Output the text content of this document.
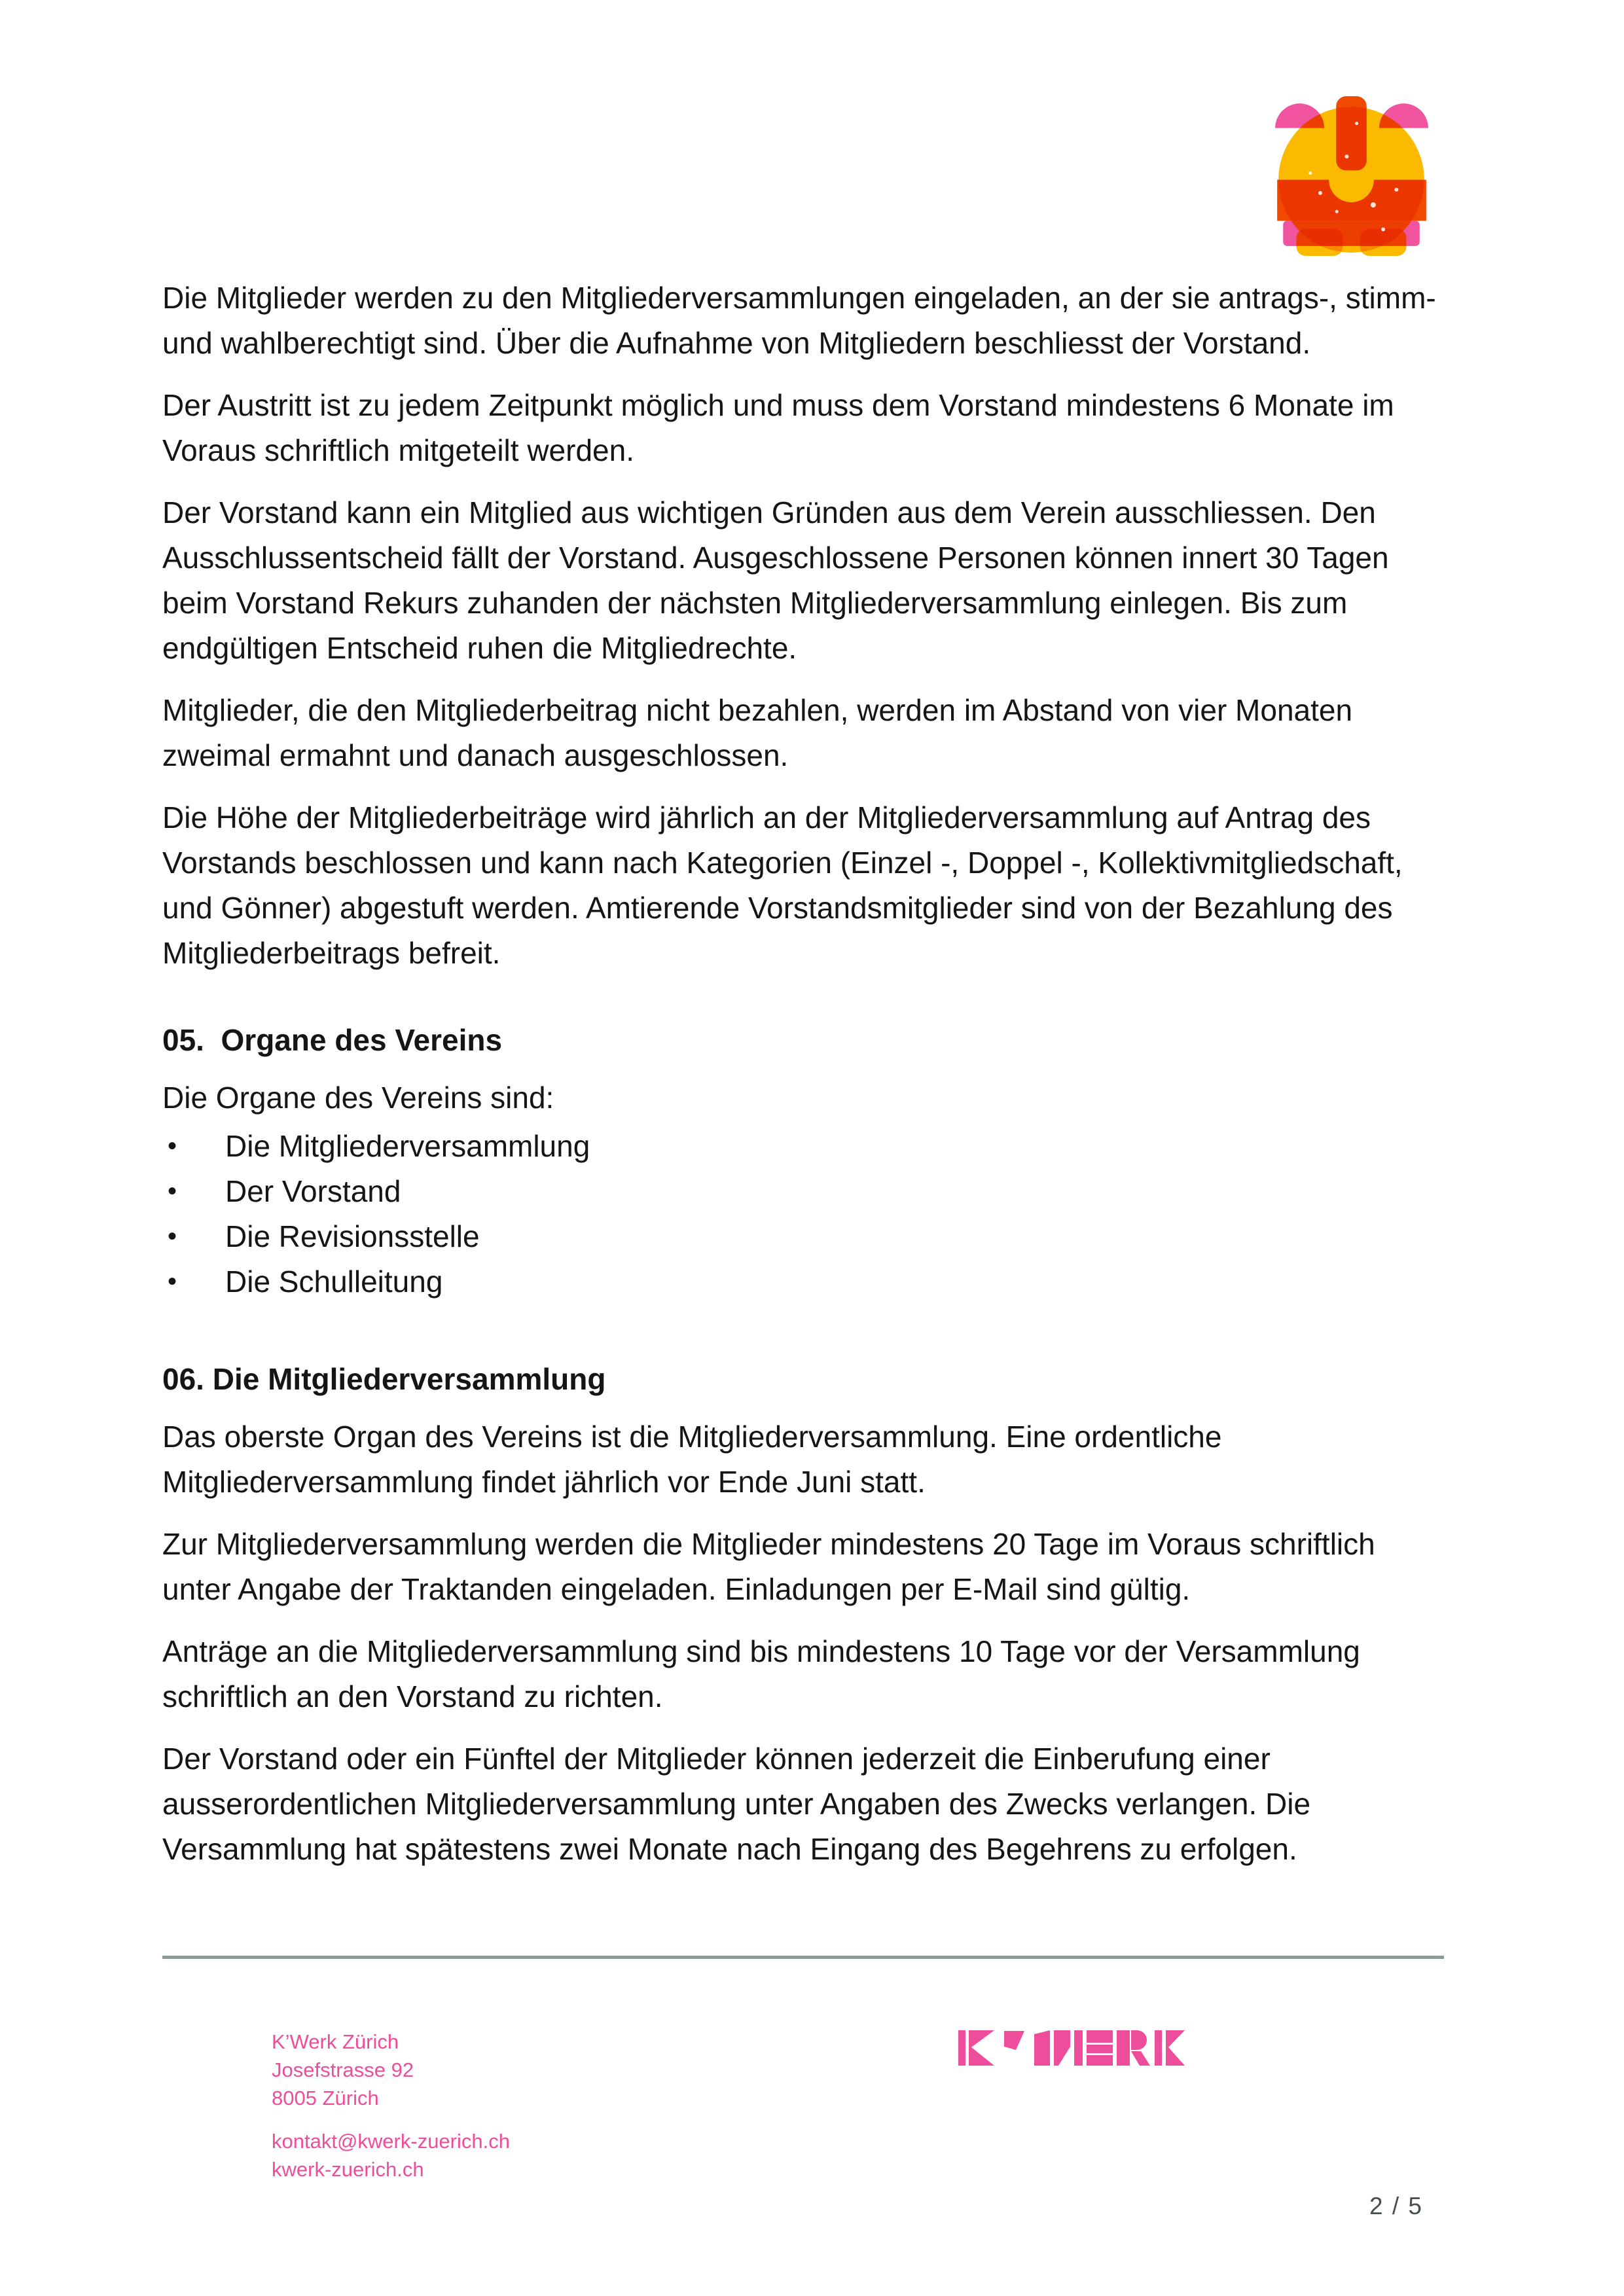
Die Mitglieder werden zu den Mitgliederversammlungen eingeladen, an der sie antrags-, stimm-
und wahlberechtigt sind. Über die Aufnahme von Mitgliedern beschliesst der Vorstand.

Der Austritt ist zu jedem Zeitpunkt möglich und muss dem Vorstand mindestens 6 Monate im
Voraus schriftlich mitgeteilt werden.

Der Vorstand kann ein Mitglied aus wichtigen Gründen aus dem Verein ausschliessen. Den
Ausschlussentscheid fällt der Vorstand. Ausgeschlossene Personen können innert 30 Tagen
beim Vorstand Rekurs zuhanden der nächsten Mitgliederversammlung einlegen. Bis zum
endgültigen Entscheid ruhen die Mitgliedrechte.

Mitglieder, die den Mitgliederbeitrag nicht bezahlen, werden im Abstand von vier Monaten
zweimal ermahnt und danach ausgeschlossen.

Die Höhe der Mitgliederbeiträge wird jährlich an der Mitgliederversammlung auf Antrag des
Vorstands beschlossen und kann nach Kategorien (Einzel -, Doppel -, Kollektivmitgliedschaft,
und Gönner) abgestuft werden. Amtierende Vorstandsmitglieder sind von der Bezahlung des
Mitgliederbeitrags befreit.

05.  Organe des Vereins

Die Organe des Vereins sind:

• Die Mitgliederversammlung
• Der Vorstand
• Die Revisionsstelle
• Die Schulleitung
06. Die Mitgliederversammlung

Das oberste Organ des Vereins ist die Mitgliederversammlung. Eine ordentliche
Mitgliederversammlung findet jährlich vor Ende Juni statt.

Zur Mitgliederversammlung werden die Mitglieder mindestens 20 Tage im Voraus schriftlich
unter Angabe der Traktanden eingeladen. Einladungen per E-Mail sind gültig.

Anträge an die Mitgliederversammlung sind bis mindestens 10 Tage vor der Versammlung
schriftlich an den Vorstand zu richten.

Der Vorstand oder ein Fünftel der Mitglieder können jederzeit die Einberufung einer
ausserordentlichen Mitgliederversammlung unter Angaben des Zwecks verlangen. Die
Versammlung hat spätestens zwei Monate nach Eingang des Begehrens zu erfolgen.

K’Werk Zürich
Josefstrasse 92
8005 Zürich
kontakt@kwerk-zuerich.ch
kwerk-zuerich.ch
2 / 5
